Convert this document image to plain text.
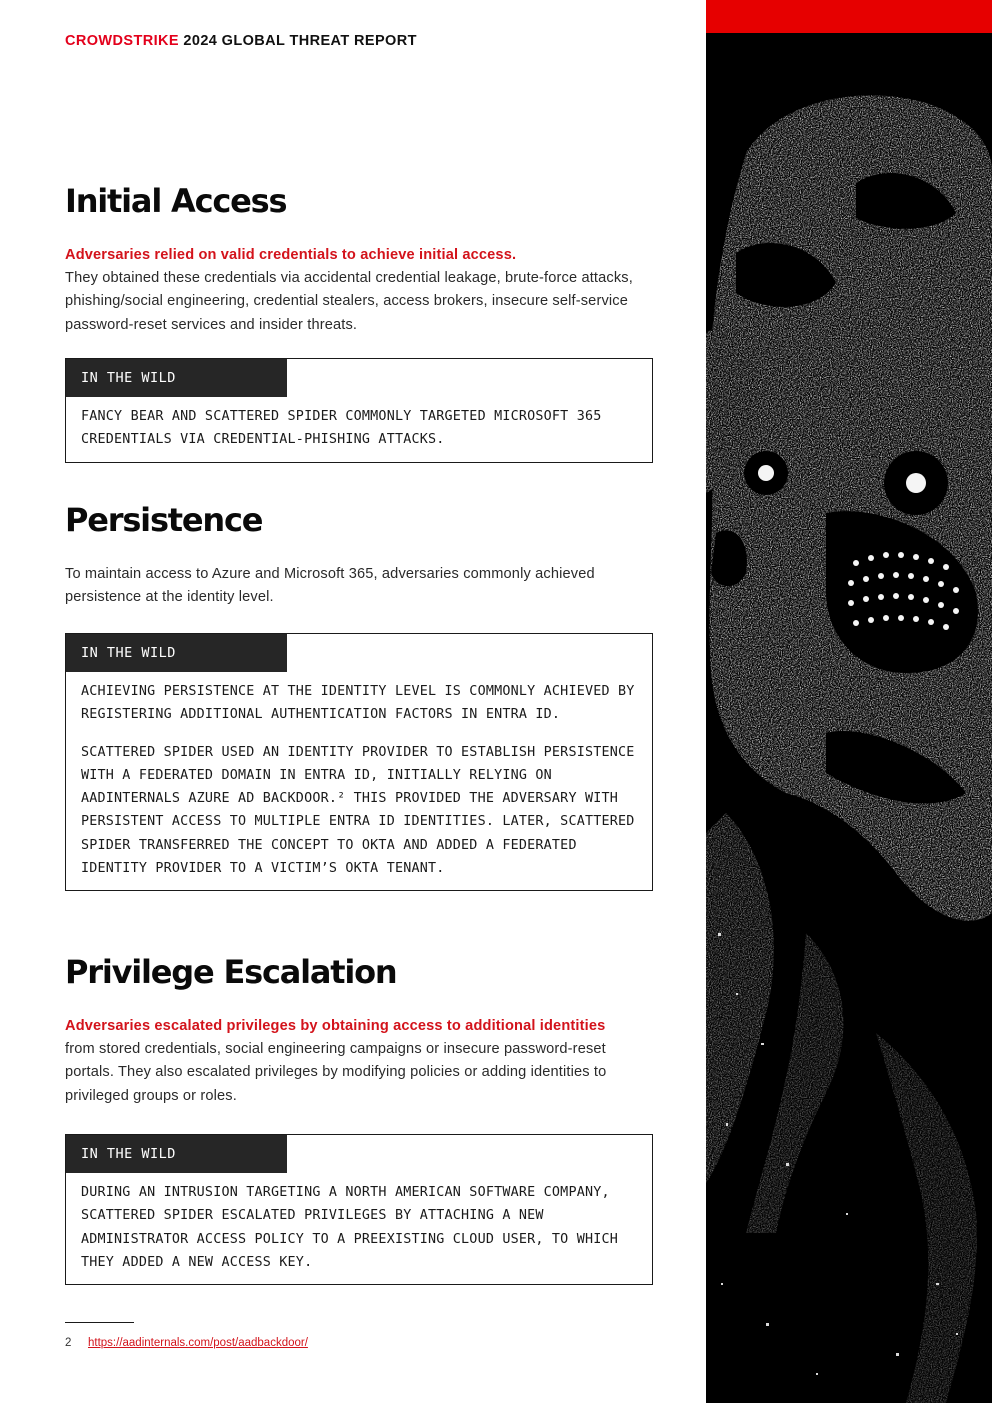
CROWDSTRIKE 2024 GLOBAL THREAT REPORT
Initial Access

Adversaries relied on valid credentials to achieve initial access.
They obtained these credentials via accidental credential leakage, brute-force attacks, phishing/social engineering, credential stealers, access brokers, insecure self-service password-reset services and insider threats.

IN THE WILD

FANCY BEAR AND SCATTERED SPIDER COMMONLY TARGETED MICROSOFT 365 CREDENTIALS VIA CREDENTIAL-PHISHING ATTACKS.

Persistence

To maintain access to Azure and Microsoft 365, adversaries commonly achieved persistence at the identity level.

IN THE WILD

ACHIEVING PERSISTENCE AT THE IDENTITY LEVEL IS COMMONLY ACHIEVED BY REGISTERING ADDITIONAL AUTHENTICATION FACTORS IN ENTRA ID.

SCATTERED SPIDER USED AN IDENTITY PROVIDER TO ESTABLISH PERSISTENCE WITH A FEDERATED DOMAIN IN ENTRA ID, INITIALLY RELYING ON AADINTERNALS AZURE AD BACKDOOR.² THIS PROVIDED THE ADVERSARY WITH PERSISTENT ACCESS TO MULTIPLE ENTRA ID IDENTITIES. LATER, SCATTERED SPIDER TRANSFERRED THE CONCEPT TO OKTA AND ADDED A FEDERATED IDENTITY PROVIDER TO A VICTIM’S OKTA TENANT.

Privilege Escalation

Adversaries escalated privileges by obtaining access to additional identities
from stored credentials, social engineering campaigns or insecure password-reset portals. They also escalated privileges by modifying policies or adding identities to privileged groups or roles.

IN THE WILD

DURING AN INTRUSION TARGETING A NORTH AMERICAN SOFTWARE COMPANY, SCATTERED SPIDER ESCALATED PRIVILEGES BY ATTACHING A NEW ADMINISTRATOR ACCESS POLICY TO A PREEXISTING CLOUD USER, TO WHICH THEY ADDED A NEW ACCESS KEY.

2 https://aadinternals.com/post/aadbackdoor/
